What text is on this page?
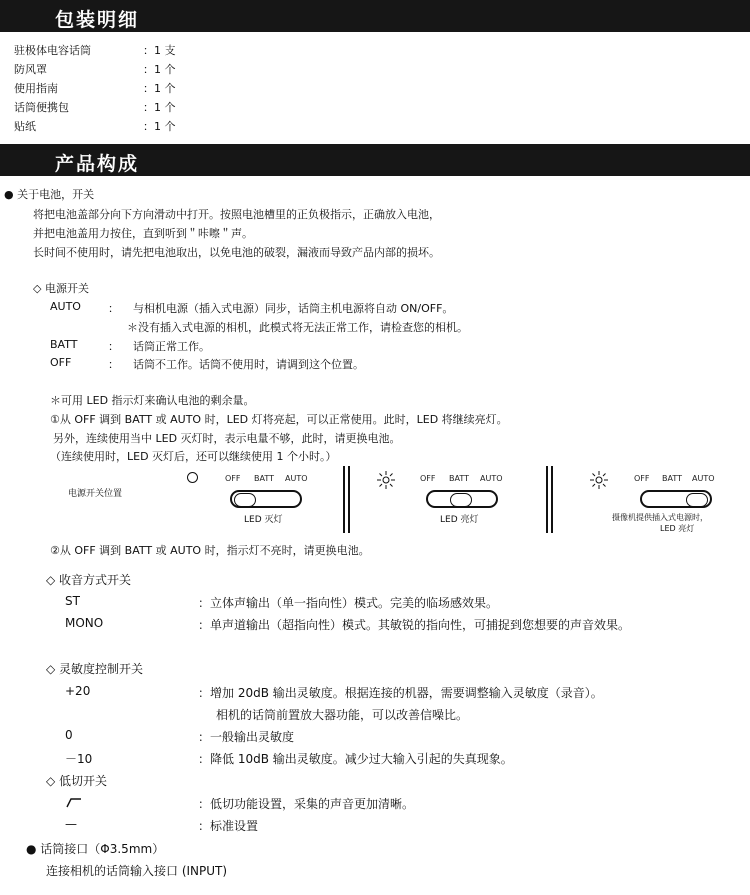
包装明细
驻极体电容话筒	：1 支
防风罩	：1 个
使用指南	：1 个
话筒便携包	：1 个
贴纸	：1 个
产品构成
● 关于电池，开关
将把电池盖部分向下方向滑动中打开。按照电池槽里的正负极指示，正确放入电池，
并把电池盖用力按住，直到听到＂咔嚓＂声。
长时间不使用时，请先把电池取出，以免电池的破裂，漏液而导致产品内部的损坏。
◇ 电源开关
AUTO ： 与相机电源（插入式电源）同步，话筒主机电源将自动 ON/OFF。
＊没有插入式电源的相机，此模式将无法正常工作，请检查您的相机。
BATT	： 话筒正常工作。
OFF	： 话筒不工作。话筒不使用时，请调到这个位置。
＊可用 LED 指示灯来确认电池的剩余量。
①从 OFF 调到 BATT 或 AUTO 时，LED 灯将亮起，可以正常使用。此时，LED 将继续亮灯。
另外，连续使用当中 LED 灭灯时，表示电量不够，此时，请更换电池。
（连续使用时，LED 灭灯后，还可以继续使用 1 个小时。）
电源开关位置
OFF BATT AUTO
LED 灭灯
OFF BATT AUTO
LED 亮灯
OFF BATT AUTO
摄像机提供插入式电源时，
LED 亮灯
②从 OFF 调到 BATT 或 AUTO 时，指示灯不亮时，请更换电池。
◇ 收音方式开关
ST	：立体声输出（单一指向性）模式。完美的临场感效果。
MONO	：单声道输出（超指向性）模式。其敏锐的指向性，可捕捉到您想要的声音效果。
◇ 灵敏度控制开关
+20	：增加 20dB 输出灵敏度。根据连接的机器，需要调整输入灵敏度（录音）。
相机的话筒前置放大器功能，可以改善信噪比。
0	：一般输出灵敏度
－10	：降低 10dB 输出灵敏度。减少过大输入引起的失真现象。
◇ 低切开关
：低切功能设置，采集的声音更加清晰。
—	：标准设置
● 话筒接口（Φ3.5mm）
连接相机的话筒输入接口 (INPUT)
